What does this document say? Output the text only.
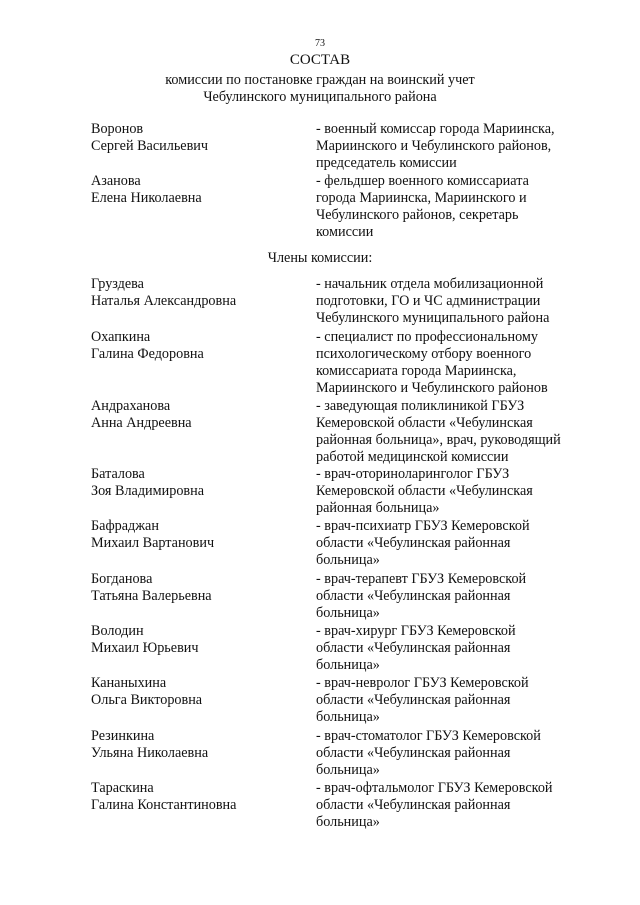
73
СОСТАВ
комиссии по постановке граждан на воинский учет
Чебулинского муниципального района
Воронов
Сергей Васильевич
- военный комиссар города Мариинска,
Мариинского и Чебулинского районов,
председатель комиссии
Азанова
Елена Николаевна
- фельдшер военного комиссариата
города Мариинска, Мариинского и
Чебулинского районов, секретарь
комиссии
Члены комиссии:
Груздева
Наталья Александровна
- начальник отдела мобилизационной
подготовки, ГО и ЧС администрации
Чебулинского муниципального района
Охапкина
Галина Федоровна
- специалист по профессиональному
психологическому отбору военного
комиссариата города Мариинска,
Мариинского и Чебулинского районов
Андраханова
Анна Андреевна
- заведующая поликлиникой ГБУЗ
Кемеровской области «Чебулинская
районная больница», врач, руководящий
работой медицинской комиссии
Баталова
Зоя Владимировна
- врач-оториноларинголог ГБУЗ
Кемеровской области «Чебулинская
районная больница»
Бафраджан
Михаил Вартанович
- врач-психиатр ГБУЗ Кемеровской
области «Чебулинская районная
больница»
Богданова
Татьяна Валерьевна
- врач-терапевт ГБУЗ Кемеровской
области «Чебулинская районная
больница»
Володин
Михаил Юрьевич
- врач-хирург ГБУЗ Кемеровской
области «Чебулинская районная
больница»
Кананыхина
Ольга Викторовна
- врач-невролог ГБУЗ Кемеровской
области «Чебулинская районная
больница»
Резинкина
Ульяна Николаевна
- врач-стоматолог ГБУЗ Кемеровской
области «Чебулинская районная
больница»
Тараскина
Галина Константиновна
- врач-офтальмолог ГБУЗ Кемеровской
области «Чебулинская районная
больница»
